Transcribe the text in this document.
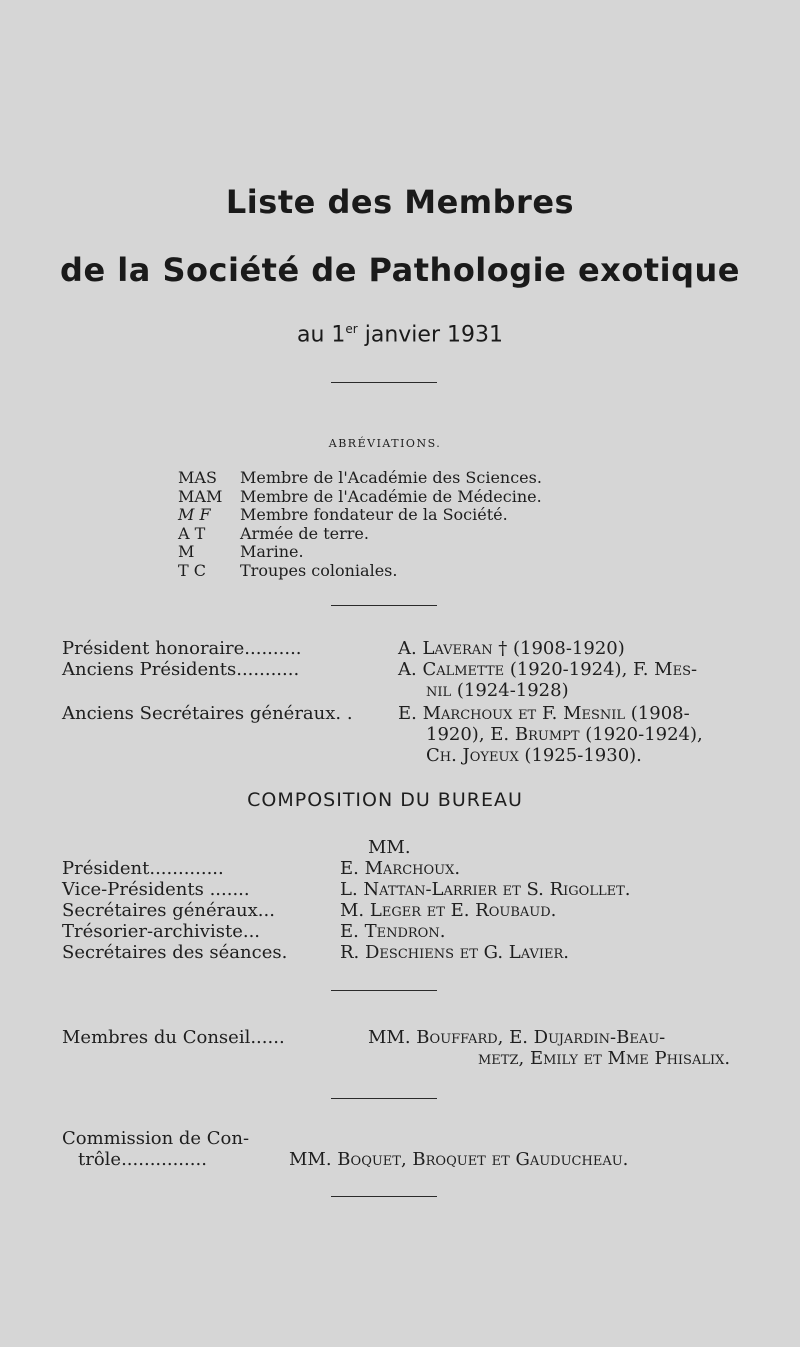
Liste des Membres
de la Société de Pathologie exotique
au 1er janvier 1931
ABRÉVIATIONS.
MAS	Membre de l'Académie des Sciences.
MAM	Membre de l'Académie de Médecine.
M F	Membre fondateur de la Société.
A T	Armée de terre.
M	Marine.
T C	Troupes coloniales.
Président honoraire..........	A. Laveran † (1908-1920)
Anciens Présidents...........	A. Calmette (1920-1924), F. Mes-
nil (1924-1928)
Anciens Secrétaires généraux. .	E. Marchoux et F. Mesnil (1908-
1920), E. Brumpt (1920-1924),
Ch. Joyeux (1925-1930).
COMPOSITION DU BUREAU
MM.
Président.............	E. Marchoux.
Vice-Présidents .......	L. Nattan-Larrier et S. Rigollet.
Secrétaires généraux...	M. Leger et E. Roubaud.
Trésorier-archiviste...	E. Tendron.
Secrétaires des séances.	R. Deschiens et G. Lavier.
Membres du Conseil......	MM. Bouffard, E. Dujardin-Beau-
metz, Emily et Mme Phisalix.
Commission de Con-
trôle...............	MM. Boquet, Broquet et Gauducheau.
